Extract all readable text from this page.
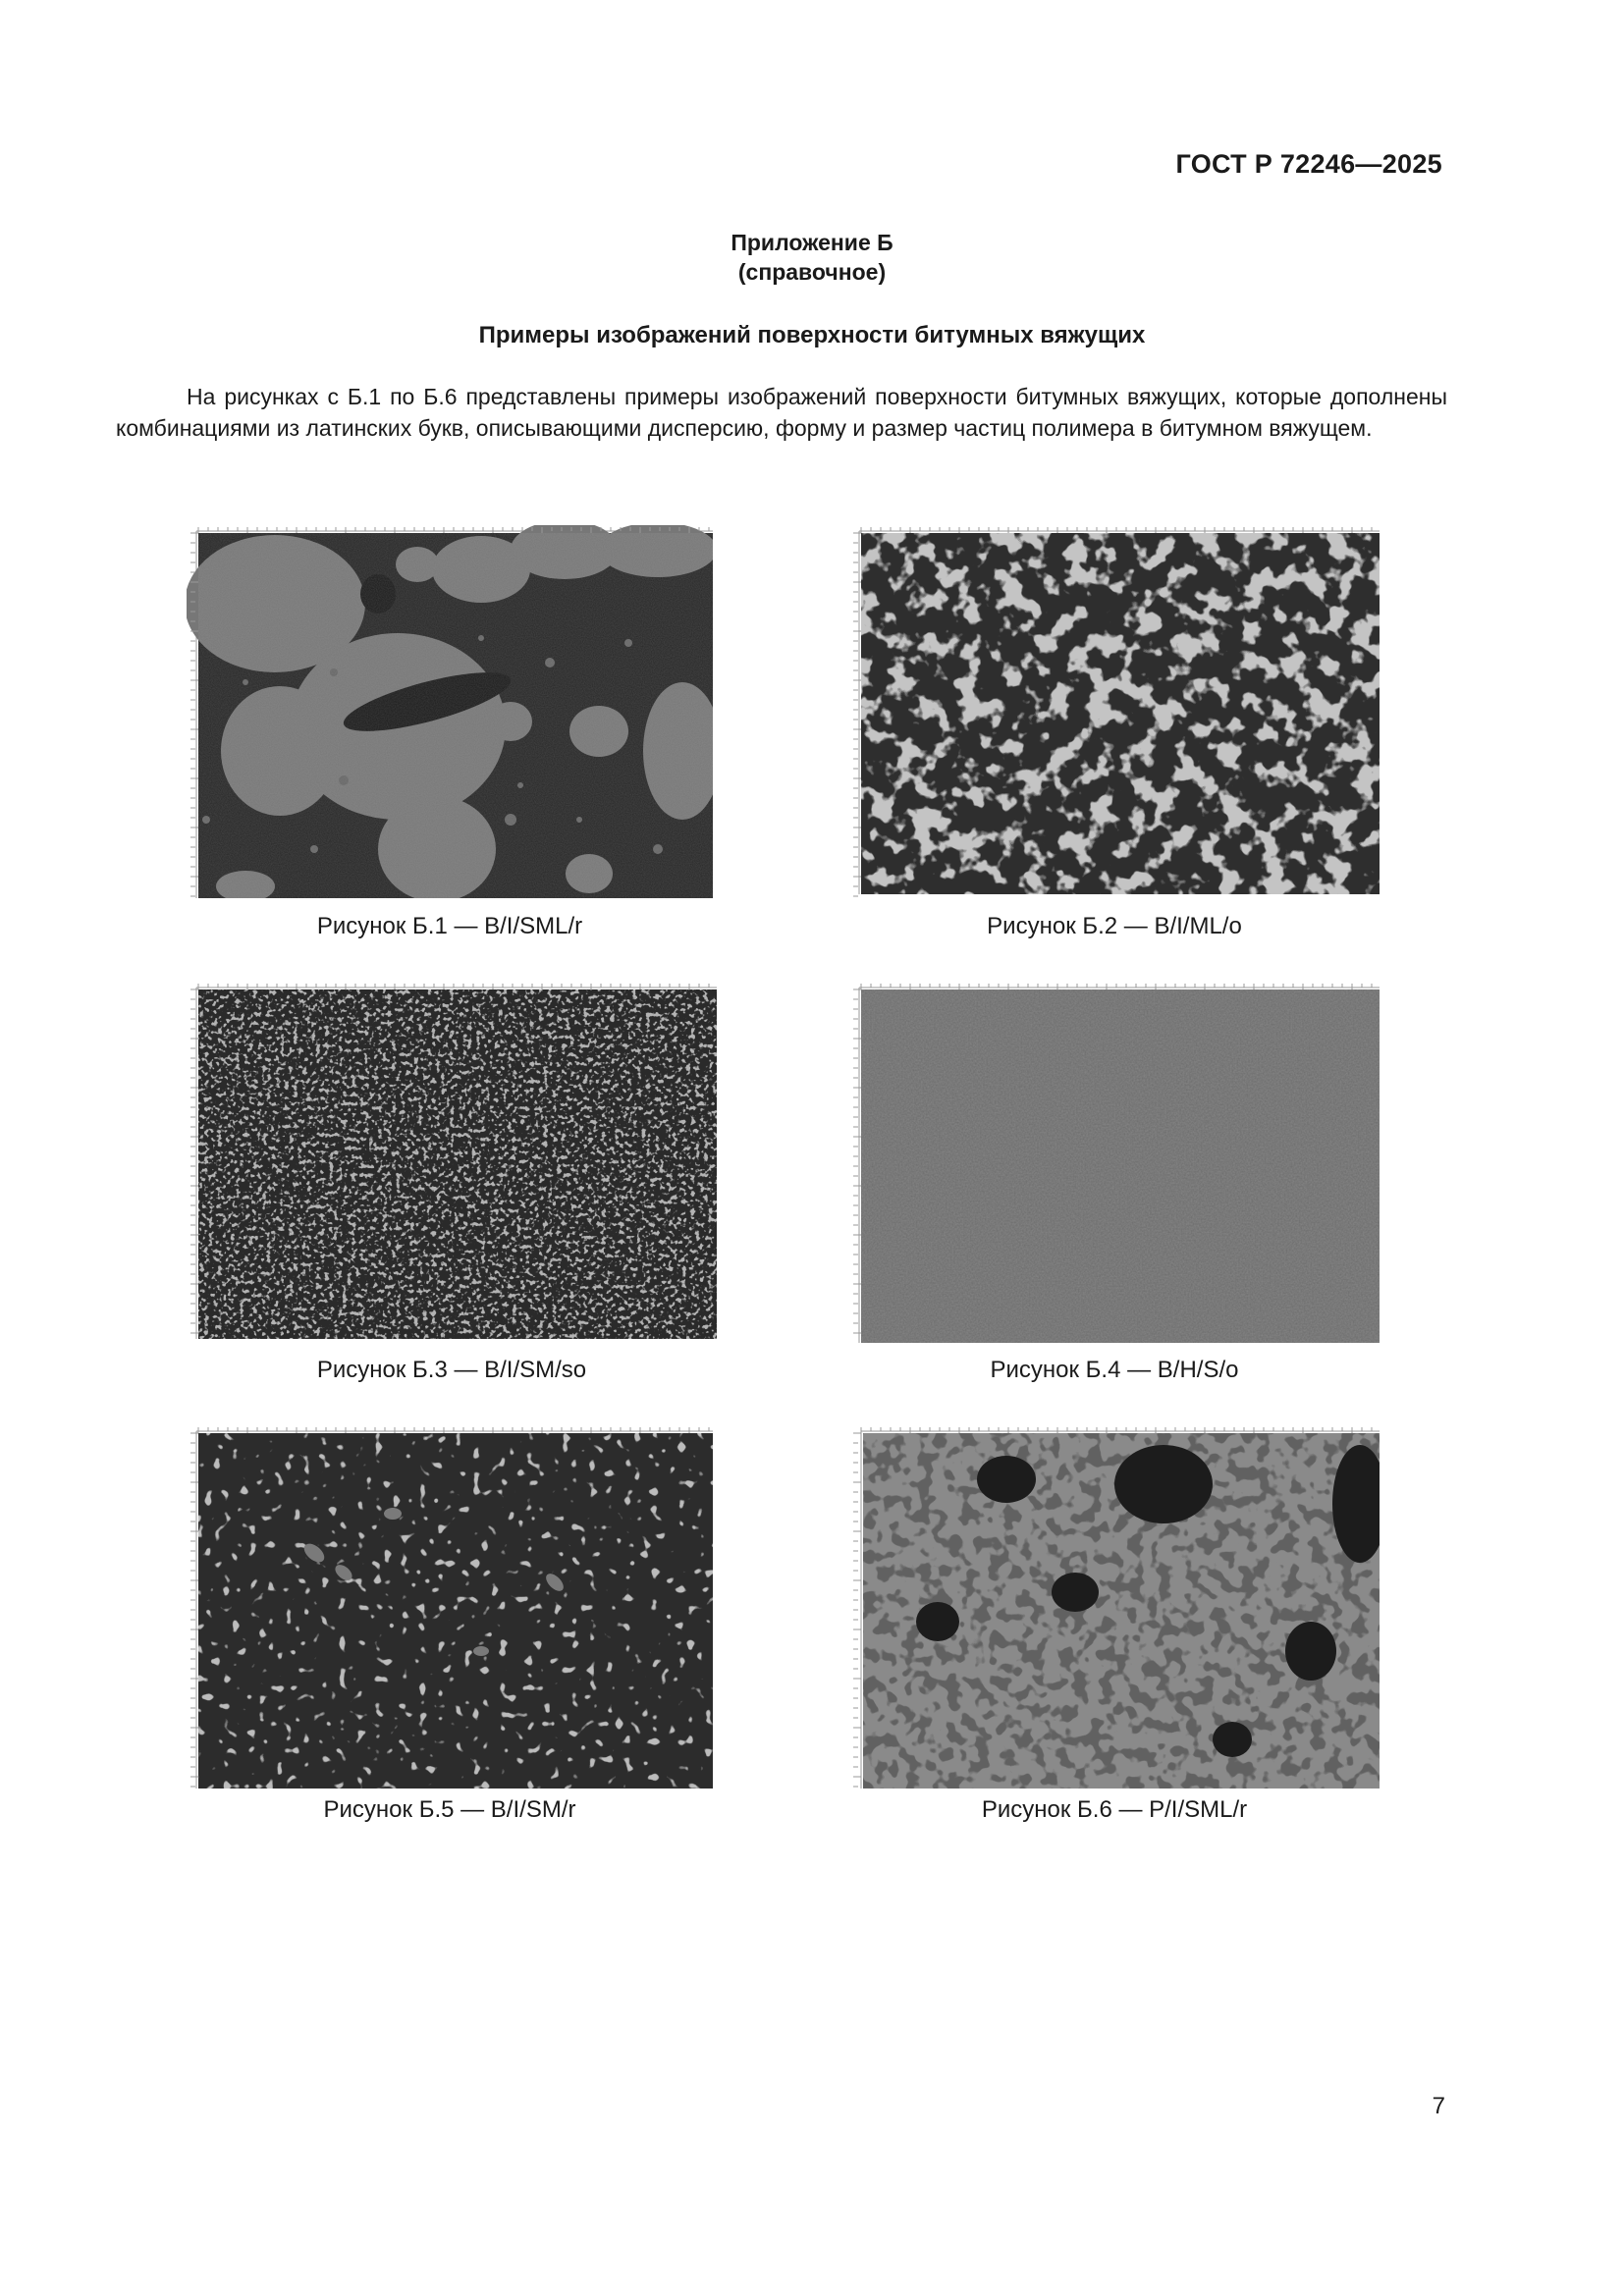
ГОСТ Р 72246—2025
Приложение Б
(справочное)
Примеры изображений поверхности битумных вяжущих

На рисунках с Б.1 по Б.6 представлены примеры изображений поверхности битумных вяжущих, которые дополнены комбинациями из латинских букв, описывающими дисперсию, форму и размер частиц полимера в битумном вяжущем.

Рисунок Б.1 — B/I/SML/r	Рисунок Б.2 — B/I/ML/o
Рисунок Б.3 — B/I/SM/so	Рисунок Б.4 — B/H/S/o
Рисунок Б.5 — B/I/SM/r	Рисунок Б.6 — P/I/SML/r
7
